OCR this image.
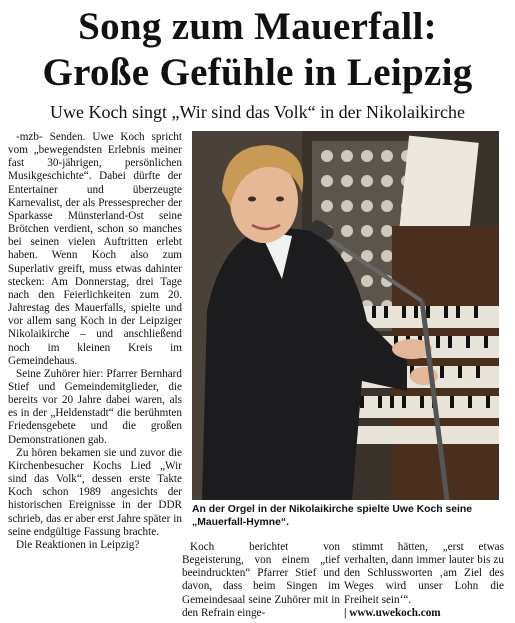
Song zum Mauerfall:
Große Gefühle in Leipzig
Uwe Koch singt „Wir sind das Volk“ in der Nikolaikirche

-mzb- Senden. Uwe Koch spricht vom „bewegendsten Erlebnis meiner fast 30-jährigen, persönlichen Musikgeschichte“. Dabei dürfte der Entertainer und überzeugte Karnevalist, der als Pressesprecher der Sparkasse Münsterland-Ost seine Brötchen verdient, schon so manches bei seinen vielen Auftritten erlebt haben. Wenn Koch also zum Superlativ greift, muss etwas dahinter stecken: Am Donnerstag, drei Tage nach den Feierlichkeiten zum 20. Jahrestag des Mauerfalls, spielte und vor allem sang Koch in der Leipziger Nikolaikirche – und anschließend noch im kleinen Kreis im Gemeindehaus.

Seine Zuhörer hier: Pfarrer Bernhard Stief und Gemeindemitglieder, die bereits vor 20 Jahre dabei waren, als es in der „Heldenstadt“ die berühmten Friedensgebete und die großen Demonstrationen gab.

Zu hören bekamen sie und zuvor die Kirchenbesucher Kochs Lied „Wir sind das Volk“, dessen erste Takte Koch schon 1989 angesichts der historischen Ereignisse in der DDR schrieb, das er aber erst Jahre später in seine endgültige Fassung brachte.

Die Reaktionen in Leipzig?

An der Orgel in der Nikolaikirche spielte Uwe Koch seine „Mauerfall-Hymne“.

Koch berichtet von Begeisterung, von einem „tief beeindruckten“ Pfarrer Stief und davon, dass beim Singen im Gemeindesaal seine Zuhörer mit in den Refrain einge-

stimmt hätten, „erst etwas verhalten, dann immer lauter bis zu den Schlussworten ‚am Ziel des Weges wird unser Lohn die Freiheit sein‘“.

| www.uwekoch.com
